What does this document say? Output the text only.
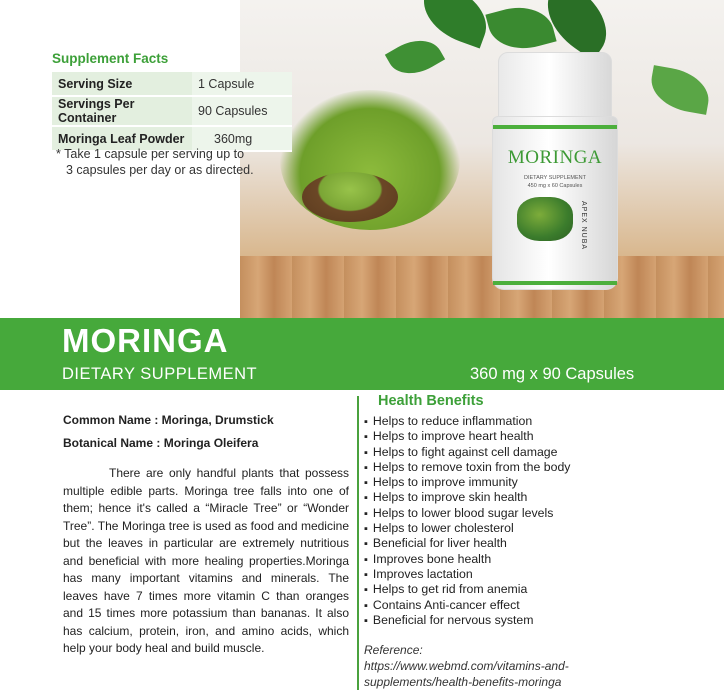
MORINGA
DIETARY SUPPLEMENT
450 mg x 60 Capsules
APEX NUBA
Supplement Facts
Serving Size	1 Capsule
Servings Per Container	90 Capsules
Moringa Leaf Powder	360mg
* Take 1 capsule per serving up to
3 capsules per day or as directed.
MORINGA
DIETARY SUPPLEMENT	360 mg x 90 Capsules
Common Name : Moringa, Drumstick
Botanical Name : Moringa Oleifera

There are only handful plants that possess multiple edible parts. Moringa tree falls into one of them; hence it's called a “Miracle Tree” or “Wonder Tree”. The Moringa tree is used as food and medicine but the leaves in particular are extremely nutritious and beneficial with more healing properties.Moringa has many important vitamins and minerals. The leaves have 7 times more vitamin C than oranges and 15 times more potassium than bananas. It also has calcium, protein, iron, and amino acids, which help your body heal and build muscle.

Health Benefits
▪ Helps to reduce inflammation
▪ Helps to improve heart health
▪ Helps to fight against cell damage
▪ Helps to remove toxin from the body
▪ Helps to improve immunity
▪ Helps to improve skin health
▪ Helps to lower blood sugar levels
▪ Helps to lower cholesterol
▪ Beneficial for liver health
▪ Improves bone health
▪ Improves lactation
▪ Helps to get rid from anemia
▪ Contains Anti-cancer effect
▪ Beneficial for nervous system
Reference:
https://www.webmd.com/vitamins-and-supplements/health-benefits-moringa
